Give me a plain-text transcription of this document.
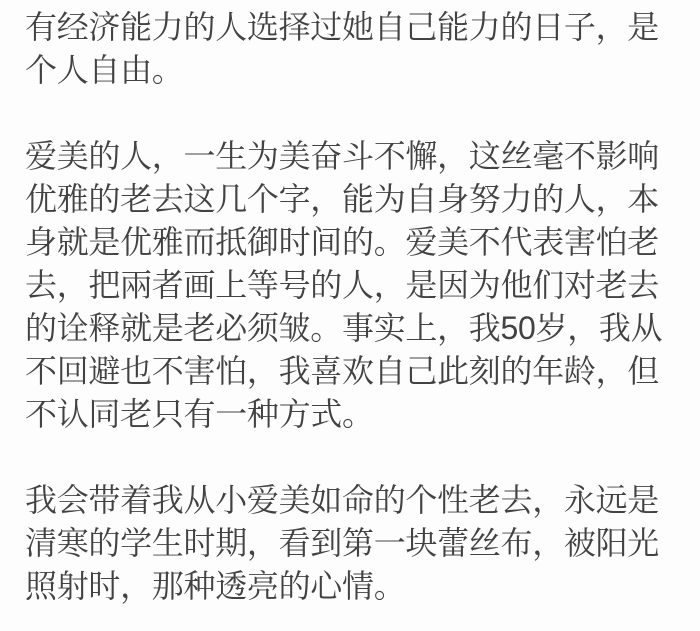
有经济能力的人选择过她自己能力的日子，是
个人自由。

爱美的人，一生为美奋斗不懈，这丝毫不影响
优雅的老去这几个字，能为自身努力的人，本
身就是优雅而抵御时间的。爱美不代表害怕老
去，把兩者画上等号的人，是因为他们对老去
的诠释就是老必须皱。事实上，我50岁，我从
不回避也不害怕，我喜欢自己此刻的年龄，但
不认同老只有一种方式。

我会带着我从小爱美如命的个性老去，永远是
清寒的学生时期，看到第一块蕾丝布，被阳光
照射时，那种透亮的心情。
